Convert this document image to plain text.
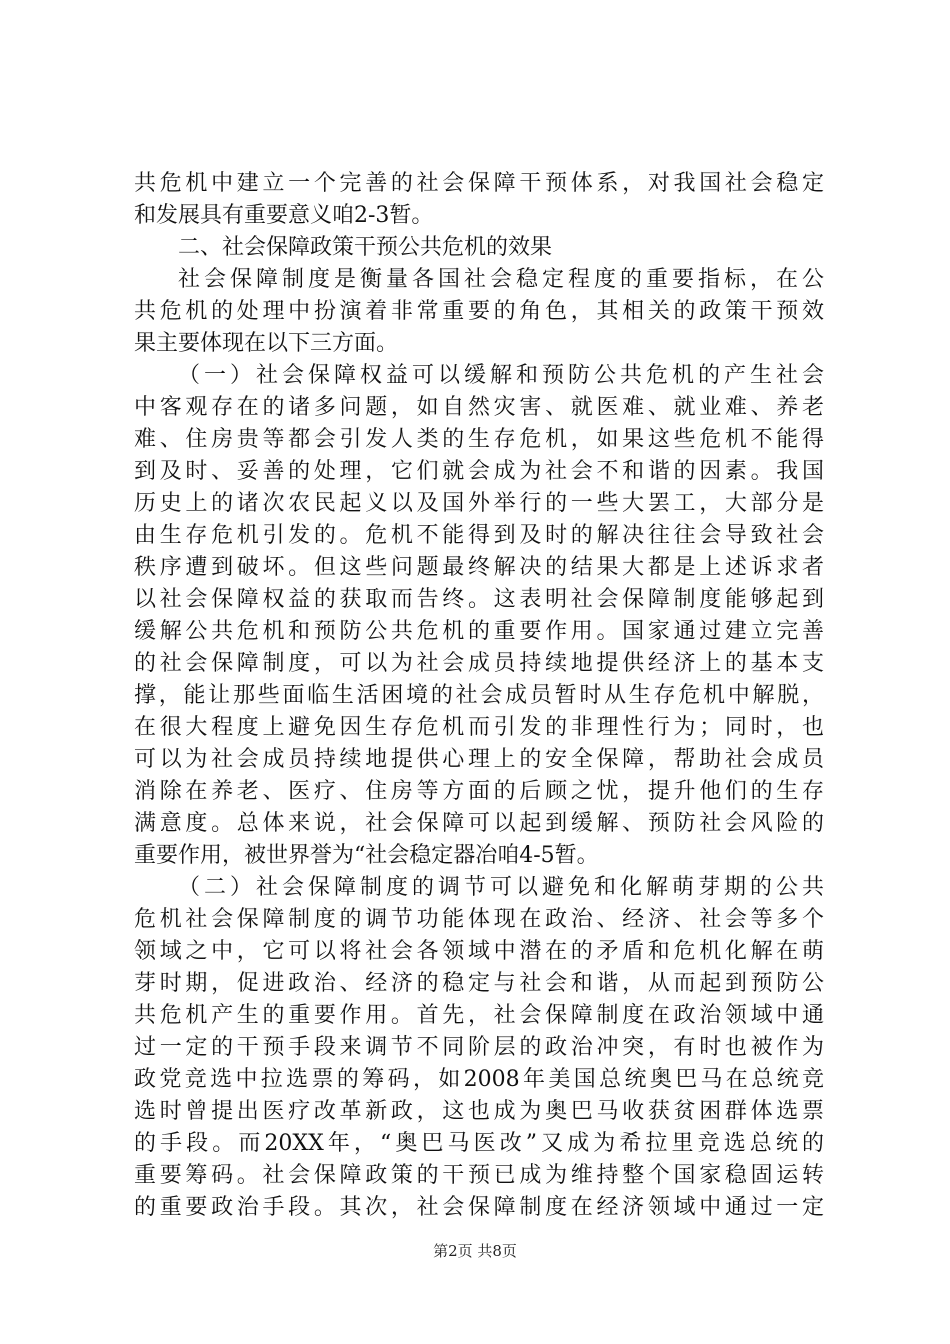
共危机中建立一个完善的社会保障干预体系，对我国社会稳定
和发展具有重要意义咱2-3暂。
二、社会保障政策干预公共危机的效果
社会保障制度是衡量各国社会稳定程度的重要指标，在公
共危机的处理中扮演着非常重要的角色，其相关的政策干预效
果主要体现在以下三方面。
（一）社会保障权益可以缓解和预防公共危机的产生社会
中客观存在的诸多问题，如自然灾害、就医难、就业难、养老
难、住房贵等都会引发人类的生存危机，如果这些危机不能得
到及时、妥善的处理，它们就会成为社会不和谐的因素。我国
历史上的诸次农民起义以及国外举行的一些大罢工，大部分是
由生存危机引发的。危机不能得到及时的解决往往会导致社会
秩序遭到破坏。但这些问题最终解决的结果大都是上述诉求者
以社会保障权益的获取而告终。这表明社会保障制度能够起到
缓解公共危机和预防公共危机的重要作用。国家通过建立完善
的社会保障制度，可以为社会成员持续地提供经济上的基本支
撑，能让那些面临生活困境的社会成员暂时从生存危机中解脱，
在很大程度上避免因生存危机而引发的非理性行为；同时，也
可以为社会成员持续地提供心理上的安全保障，帮助社会成员
消除在养老、医疗、住房等方面的后顾之忧，提升他们的生存
满意度。总体来说，社会保障可以起到缓解、预防社会风险的
重要作用，被世界誉为“社会稳定器冶咱4-5暂。
（二）社会保障制度的调节可以避免和化解萌芽期的公共
危机社会保障制度的调节功能体现在政治、经济、社会等多个
领域之中，它可以将社会各领域中潜在的矛盾和危机化解在萌
芽时期，促进政治、经济的稳定与社会和谐，从而起到预防公
共危机产生的重要作用。首先，社会保障制度在政治领域中通
过一定的干预手段来调节不同阶层的政治冲突，有时也被作为
政党竞选中拉选票的筹码，如2008年美国总统奥巴马在总统竞
选时曾提出医疗改革新政，这也成为奥巴马收获贫困群体选票
的手段。而20XX年，“奥巴马医改”又成为希拉里竞选总统的
重要筹码。社会保障政策的干预已成为维持整个国家稳固运转
的重要政治手段。其次，社会保障制度在经济领域中通过一定
第2页 共8页
